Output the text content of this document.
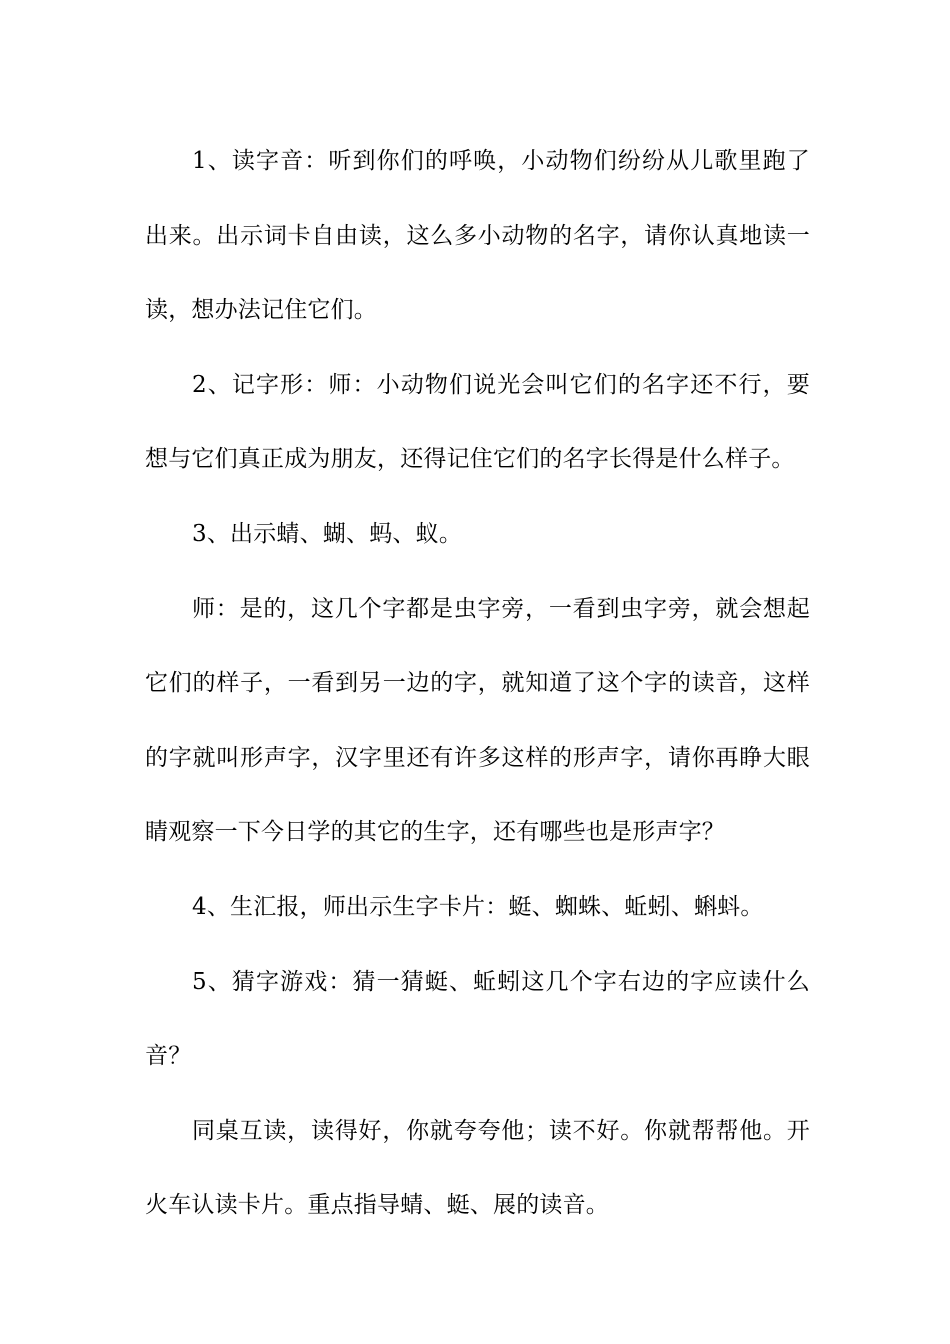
1、读字音：听到你们的呼唤，小动物们纷纷从儿歌里跑了出来。出示词卡自由读，这么多小动物的名字，请你认真地读一读，想办法记住它们。

2、记字形：师：小动物们说光会叫它们的名字还不行，要想与它们真正成为朋友，还得记住它们的名字长得是什么样子。

3、出示蜻、蝴、蚂、蚁。

师：是的，这几个字都是虫字旁，一看到虫字旁，就会想起它们的样子，一看到另一边的字，就知道了这个字的读音，这样的字就叫形声字，汉字里还有许多这样的形声字，请你再睁大眼睛观察一下今日学的其它的生字，还有哪些也是形声字？

4、生汇报，师出示生字卡片：蜓、蜘蛛、蚯蚓、蝌蚪。

5、猜字游戏：猜一猜蜓、蚯蚓这几个字右边的字应读什么音？

同桌互读，读得好，你就夸夸他；读不好。你就帮帮他。开火车认读卡片。重点指导蜻、蜓、展的读音。
